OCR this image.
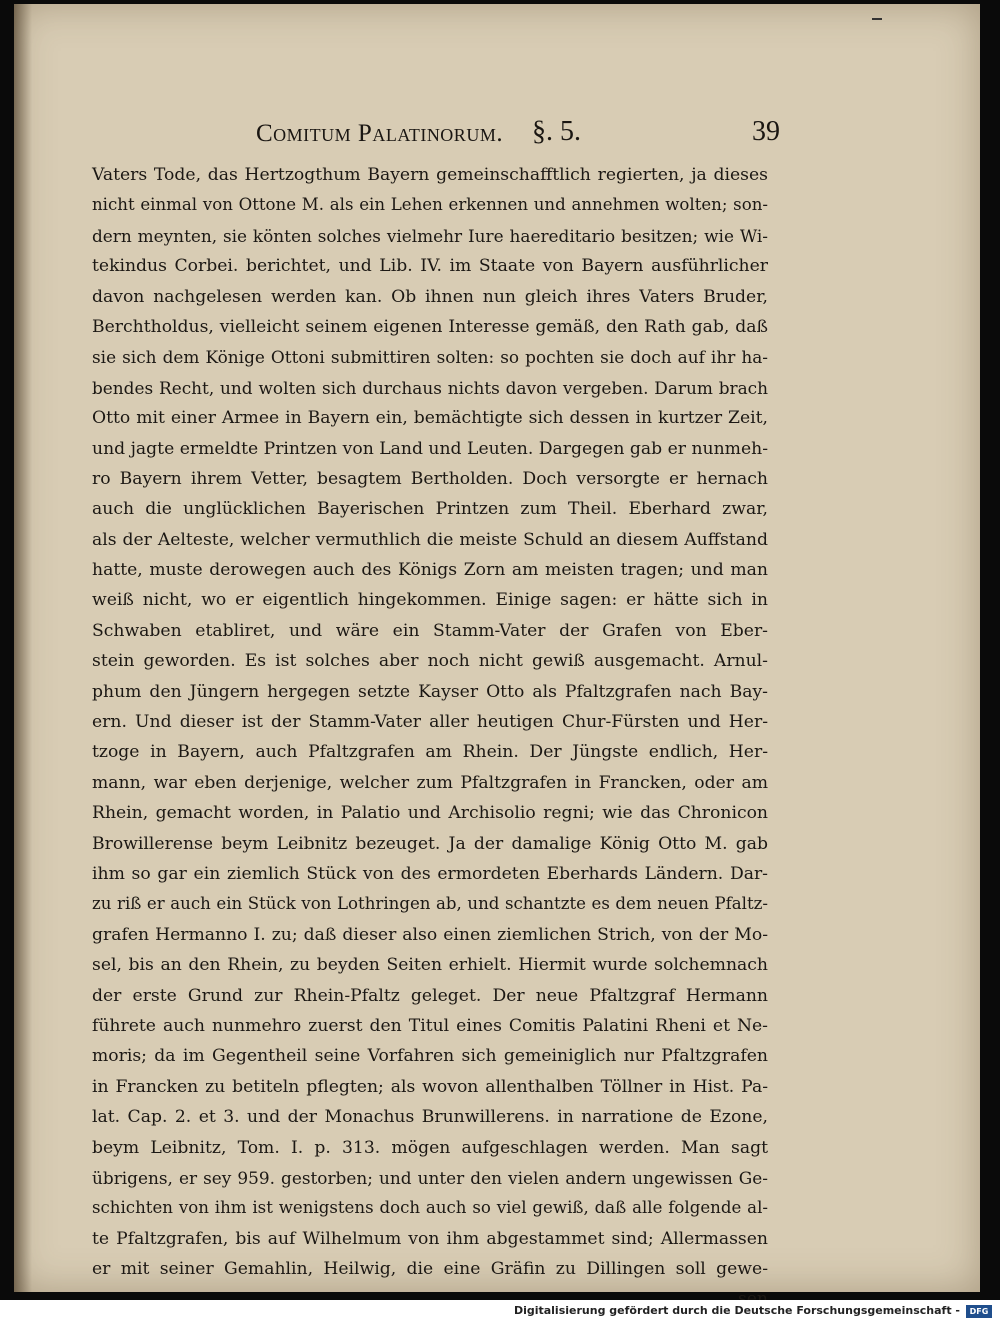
Comitum Palatinorum. §. 5.	39
Vaters Tode, das Hertzogthum Bayern gemeinschafftlich regierten, ja dieses
nicht einmal von Ottone M. als ein Lehen erkennen und annehmen wolten; son-
dern meynten, sie könten solches vielmehr Iure haereditario besitzen; wie Wi-
tekindus Corbei. berichtet, und Lib. IV. im Staate von Bayern ausführlicher
davon nachgelesen werden kan. Ob ihnen nun gleich ihres Vaters Bruder,
Berchtholdus, vielleicht seinem eigenen Interesse gemäß, den Rath gab, daß
sie sich dem Könige Ottoni submittiren solten: so pochten sie doch auf ihr ha-
bendes Recht, und wolten sich durchaus nichts davon vergeben. Darum brach
Otto mit einer Armee in Bayern ein, bemächtigte sich dessen in kurtzer Zeit,
und jagte ermeldte Printzen von Land und Leuten. Dargegen gab er nunmeh-
ro Bayern ihrem Vetter, besagtem Bertholden. Doch versorgte er hernach
auch die unglücklichen Bayerischen Printzen zum Theil. Eberhard zwar,
als der Aelteste, welcher vermuthlich die meiste Schuld an diesem Auffstand
hatte, muste derowegen auch des Königs Zorn am meisten tragen; und man
weiß nicht, wo er eigentlich hingekommen. Einige sagen: er hätte sich in
Schwaben etabliret, und wäre ein Stamm-Vater der Grafen von Eber-
stein geworden. Es ist solches aber noch nicht gewiß ausgemacht. Arnul-
phum den Jüngern hergegen setzte Kayser Otto als Pfaltzgrafen nach Bay-
ern. Und dieser ist der Stamm-Vater aller heutigen Chur-Fürsten und Her-
tzoge in Bayern, auch Pfaltzgrafen am Rhein. Der Jüngste endlich, Her-
mann, war eben derjenige, welcher zum Pfaltzgrafen in Francken, oder am
Rhein, gemacht worden, in Palatio und Archisolio regni; wie das Chronicon
Browillerense beym Leibnitz bezeuget. Ja der damalige König Otto M. gab
ihm so gar ein ziemlich Stück von des ermordeten Eberhards Ländern. Dar-
zu riß er auch ein Stück von Lothringen ab, und schantzte es dem neuen Pfaltz-
grafen Hermanno I. zu; daß dieser also einen ziemlichen Strich, von der Mo-
sel, bis an den Rhein, zu beyden Seiten erhielt. Hiermit wurde solchemnach
der erste Grund zur Rhein-Pfaltz geleget. Der neue Pfaltzgraf Hermann
führete auch nunmehro zuerst den Titul eines Comitis Palatini Rheni et Ne-
moris; da im Gegentheil seine Vorfahren sich gemeiniglich nur Pfaltzgrafen
in Francken zu betiteln pflegten; als wovon allenthalben Töllner in Hist. Pa-
lat. Cap. 2. et 3. und der Monachus Brunwillerens. in narratione de Ezone,
beym Leibnitz, Tom. I. p. 313. mögen aufgeschlagen werden. Man sagt
übrigens, er sey 959. gestorben; und unter den vielen andern ungewissen Ge-
schichten von ihm ist wenigstens doch auch so viel gewiß, daß alle folgende al-
te Pfaltzgrafen, bis auf Wilhelmum von ihm abgestammet sind; Allermassen
er mit seiner Gemahlin, Heilwig, die eine Gräfin zu Dillingen soll gewe-
Digitalisierung gefördert durch die Deutsche Forschungsgemeinschaft -	DFG
